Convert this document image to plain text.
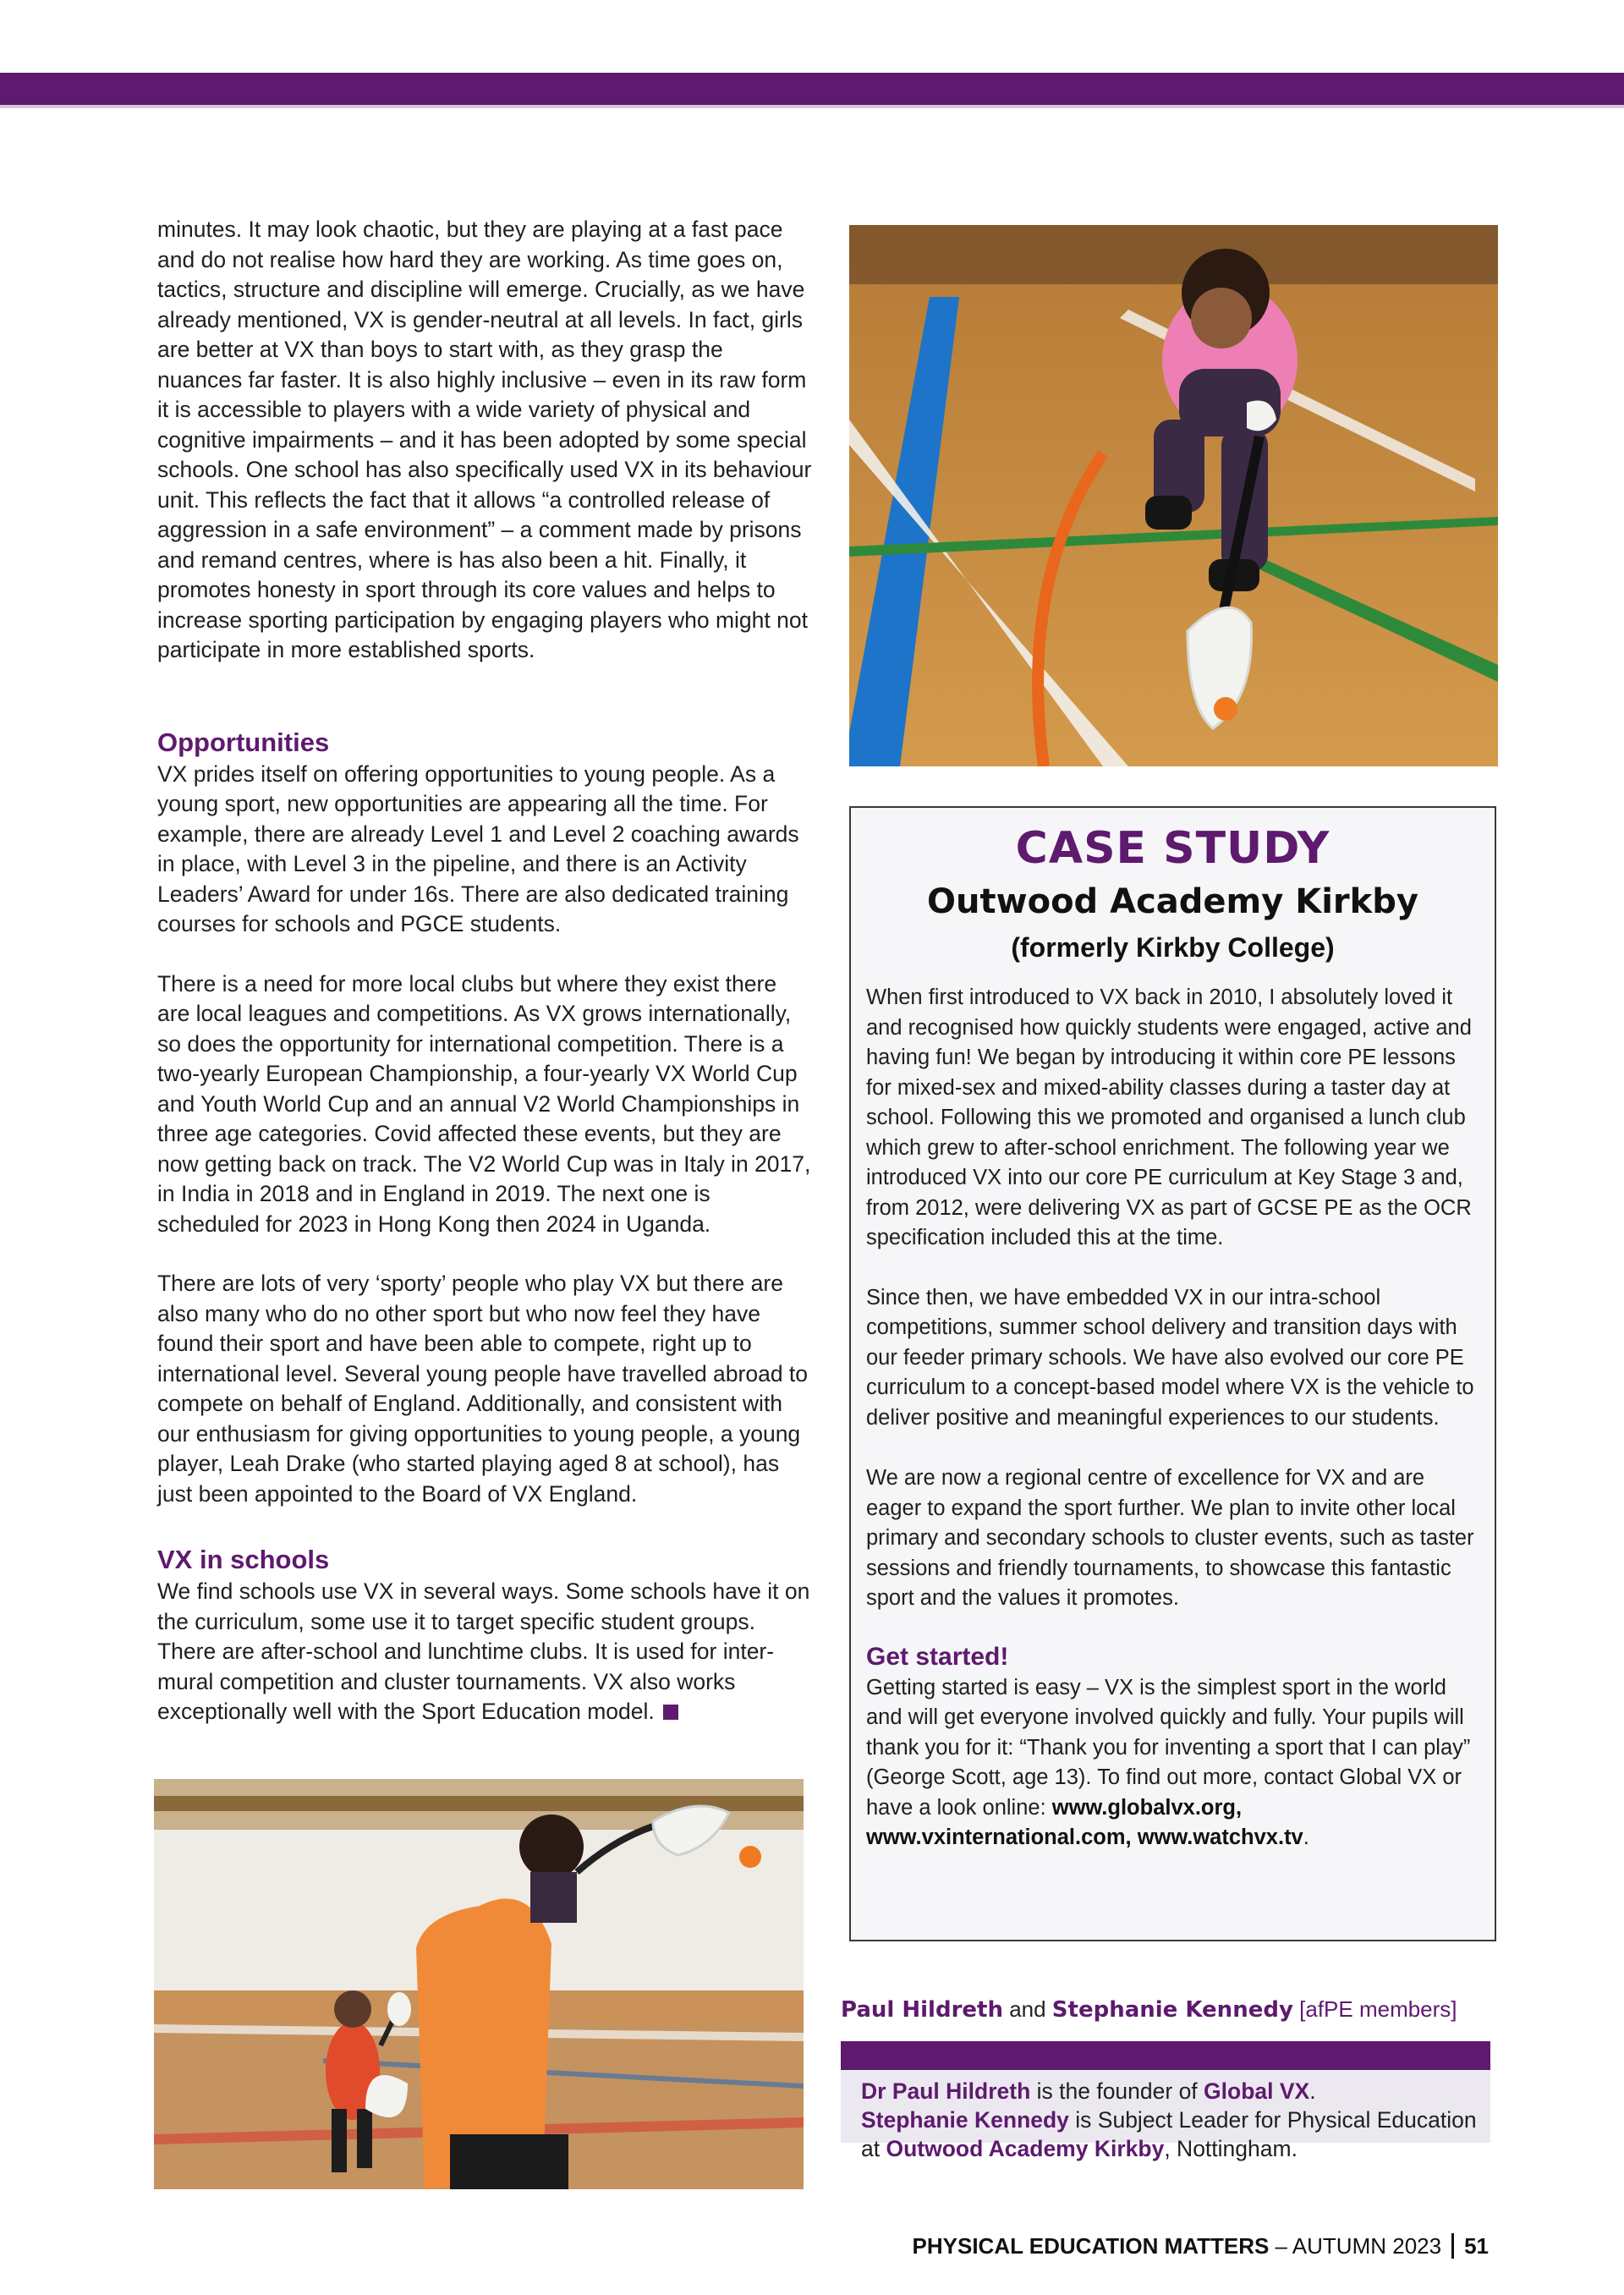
minutes. It may look chaotic, but they are playing at a fast pace and do not realise how hard they are working. As time goes on, tactics, structure and discipline will emerge. Crucially, as we have already mentioned, VX is gender-neutral at all levels. In fact, girls are better at VX than boys to start with, as they grasp the nuances far faster. It is also highly inclusive – even in its raw form it is accessible to players with a wide variety of physical and cognitive impairments – and it has been adopted by some special schools. One school has also specifically used VX in its behaviour unit. This reflects the fact that it allows “a controlled release of aggression in a safe environment” – a comment made by prisons and remand centres, where is has also been a hit. Finally, it promotes honesty in sport through its core values and helps to increase sporting participation by engaging players who might not participate in more established sports.

Opportunities

VX prides itself on offering opportunities to young people. As a young sport, new opportunities are appearing all the time. For example, there are already Level 1 and Level 2 coaching awards in place, with Level 3 in the pipeline, and there is an Activity Leaders’ Award for under 16s. There are also dedicated training courses for schools and PGCE students.

There is a need for more local clubs but where they exist there are local leagues and competitions. As VX grows internationally, so does the opportunity for international competition. There is a two-yearly European Championship, a four-yearly VX World Cup and Youth World Cup and an annual V2 World Championships in three age categories. Covid affected these events, but they are now getting back on track. The V2 World Cup was in Italy in 2017, in India in 2018 and in England in 2019. The next one is scheduled for 2023 in Hong Kong then 2024 in Uganda.

There are lots of very ‘sporty’ people who play VX but there are also many who do no other sport but who now feel they have found their sport and have been able to compete, right up to international level. Several young people have travelled abroad to compete on behalf of England. Additionally, and consistent with our enthusiasm for giving opportunities to young people, a young player, Leah Drake (who started playing aged 8 at school), has just been appointed to the Board of VX England.

VX in schools

We find schools use VX in several ways. Some schools have it on the curriculum, some use it to target specific student groups. There are after-school and lunchtime clubs. It is used for inter-mural competition and cluster tournaments. VX also works exceptionally well with the Sport Education model.

CASE STUDY
Outwood Academy Kirkby
(formerly Kirkby College)

When first introduced to VX back in 2010, I absolutely loved it and recognised how quickly students were engaged, active and having fun! We began by introducing it within core PE lessons for mixed-sex and mixed-ability classes during a taster day at school. Following this we promoted and organised a lunch club which grew to after-school enrichment. The following year we introduced VX into our core PE curriculum at Key Stage 3 and, from 2012, were delivering VX as part of GCSE PE as the OCR specification included this at the time.

Since then, we have embedded VX in our intra-school competitions, summer school delivery and transition days with our feeder primary schools. We have also evolved our core PE curriculum to a concept-based model where VX is the vehicle to deliver positive and meaningful experiences to our students.

We are now a regional centre of excellence for VX and are eager to expand the sport further. We plan to invite other local primary and secondary schools to cluster events, such as taster sessions and friendly tournaments, to showcase this fantastic sport and the values it promotes.

Get started!

Getting started is easy – VX is the simplest sport in the world and will get everyone involved quickly and fully. Your pupils will thank you for it: “Thank you for inventing a sport that I can play” (George Scott, age 13). To find out more, contact Global VX or have a look online: www.globalvx.org, www.vxinternational.com, www.watchvx.tv.

Paul Hildreth and Stephanie Kennedy [afPE members]

Dr Paul Hildreth is the founder of Global VX.
Stephanie Kennedy is Subject Leader for Physical Education at Outwood Academy Kirkby, Nottingham.

PHYSICAL EDUCATION MATTERS – AUTUMN 2023 51
